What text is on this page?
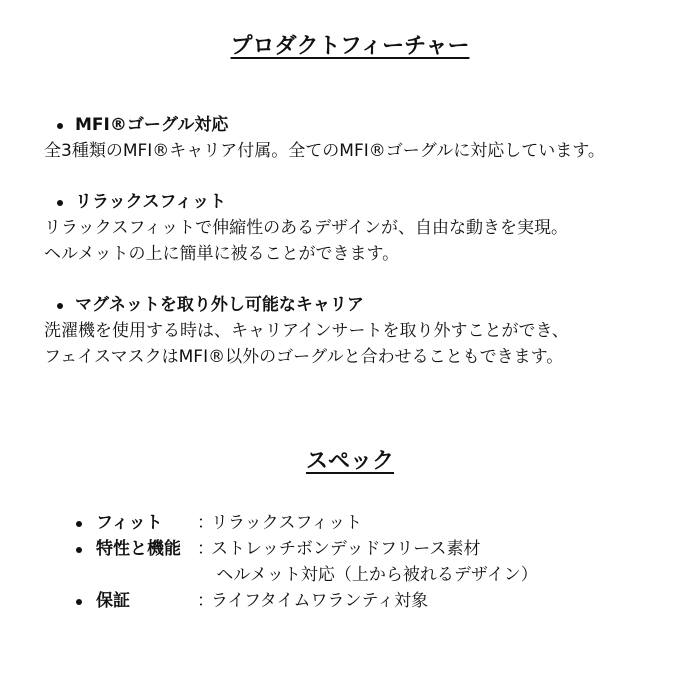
プロダクトフィーチャー
MFI®ゴーグル対応
全3種類のMFI®キャリア付属。全てのMFI®ゴーグルに対応しています。
リラックスフィット
リラックスフィットで伸縮性のあるデザインが、自由な動きを実現。
ヘルメットの上に簡単に被ることができます。
マグネットを取り外し可能なキャリア
洗濯機を使用する時は、キャリアインサートを取り外すことができ、
フェイスマスクはMFI®以外のゴーグルと合わせることもできます。
スペック
フィット	：
リラックスフィット
特性と機能 ：
ストレッチボンデッドフリース素材
ヘルメット対応（上から被れるデザイン）
保証	：
ライフタイムワランティ対象
